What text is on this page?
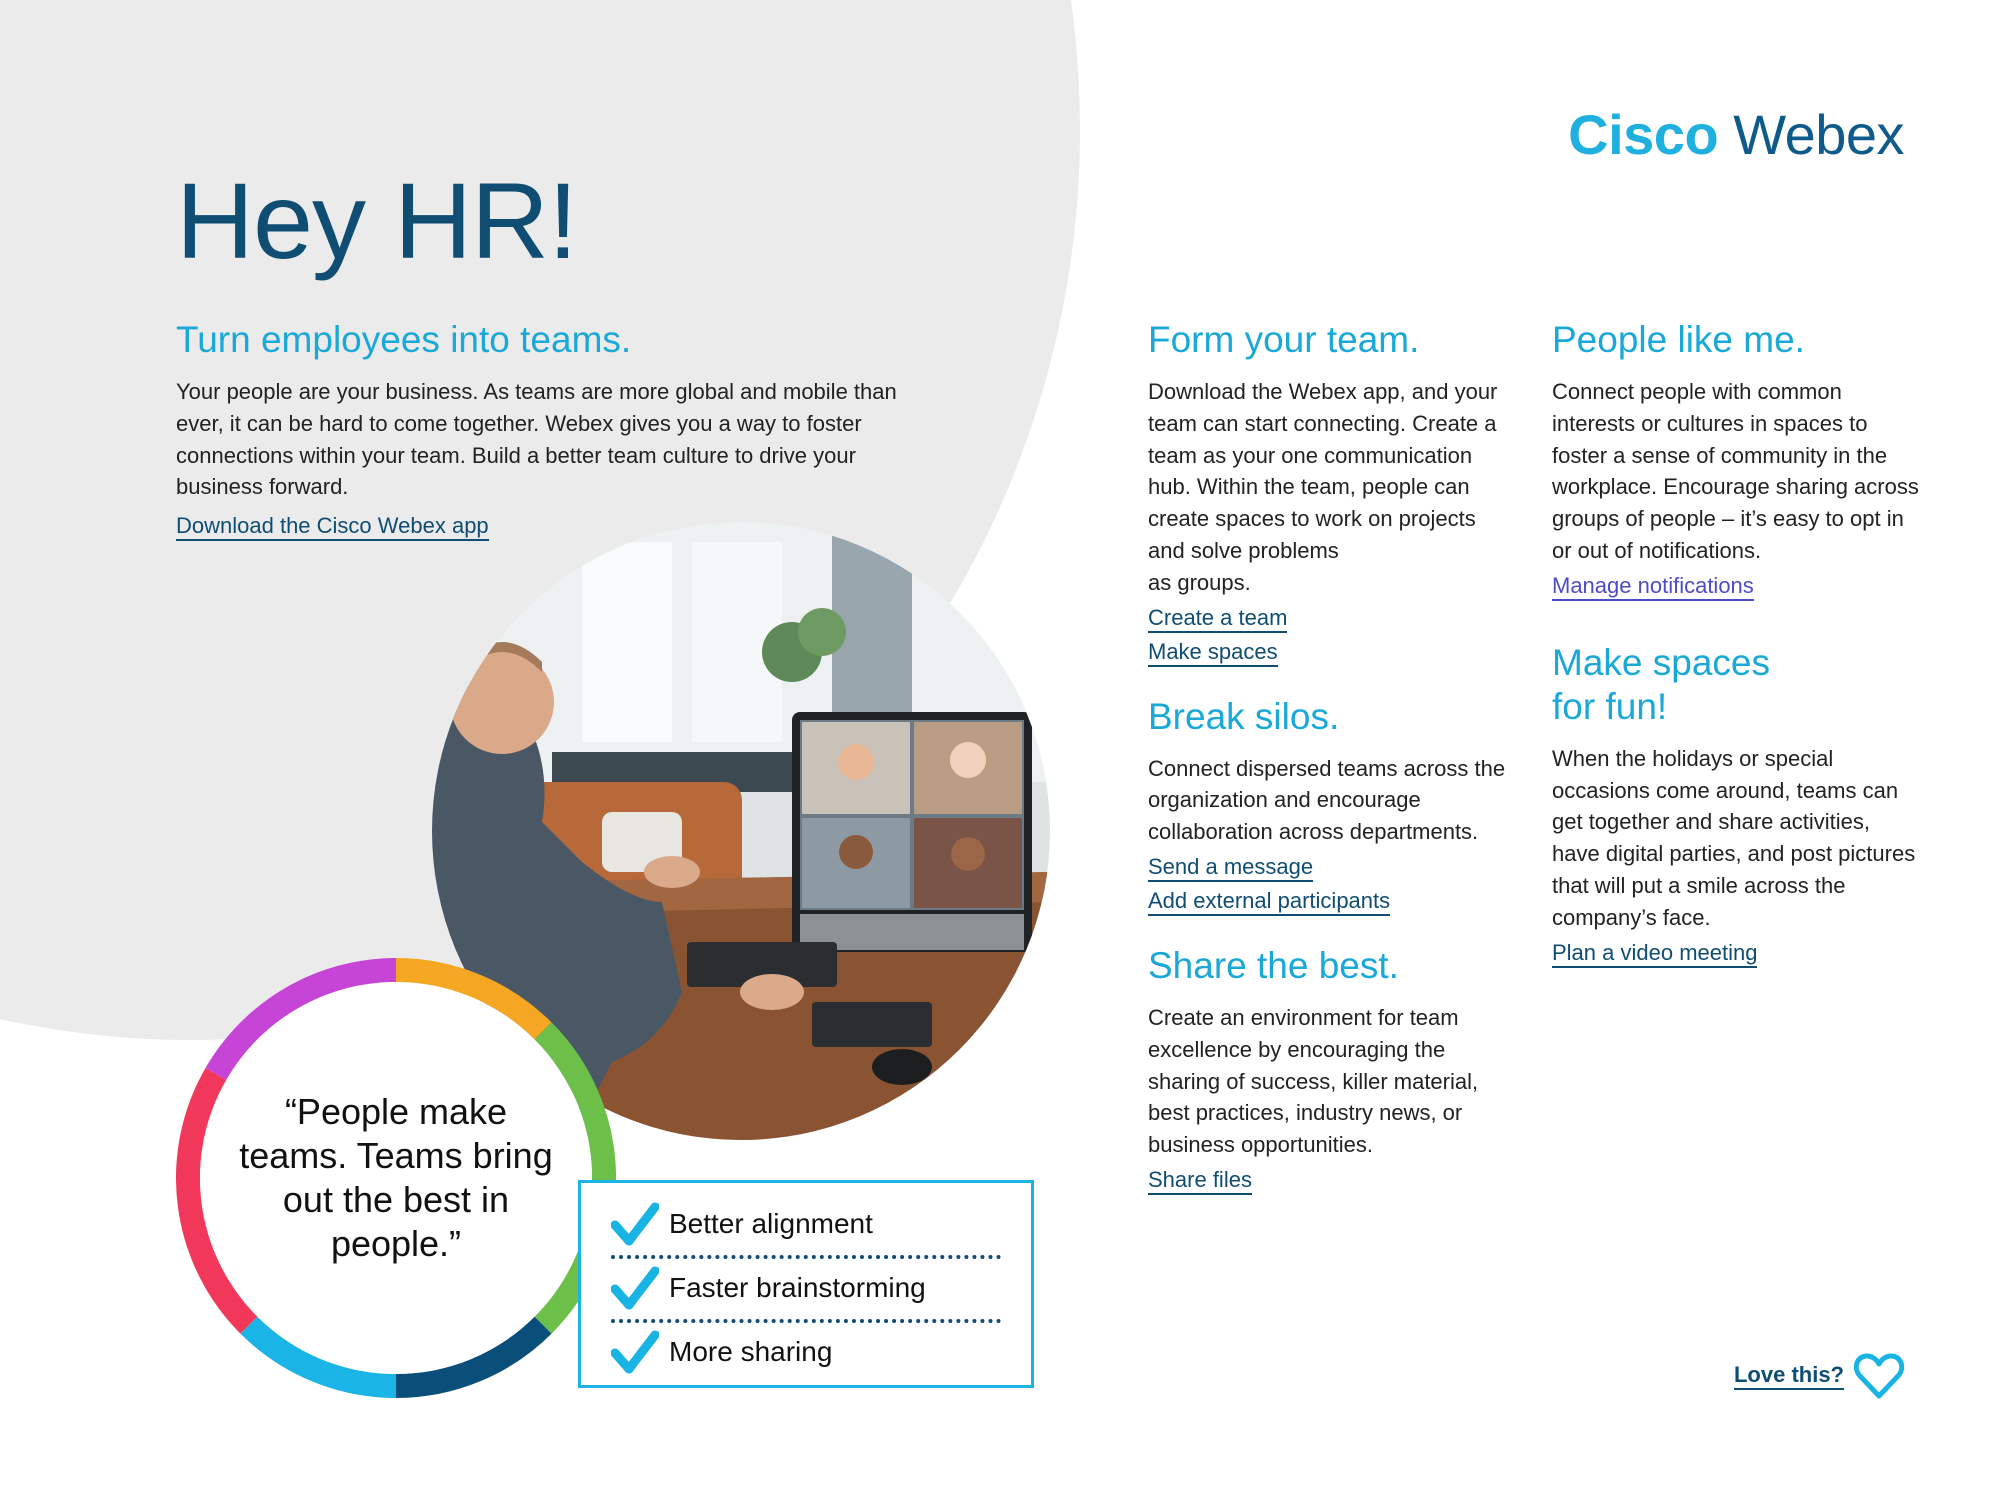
Cisco Webex
Hey HR!
Turn employees into teams.

Your people are your business. As teams are more global and mobile than ever, it can be hard to come together. Webex gives you a way to foster connections within your team. Build a better team culture to drive your business forward.

Download the Cisco Webex app
“People make teams. Teams bring out the best in people.”	Better alignment
Faster brainstorming
More sharing
Form your team.

Download the Webex app, and your team can start connecting. Create a team as your one communication hub. Within the team, people can create spaces to work on projects and solve problems

as groups.

Create a team
Make spaces
Break silos.

Connect dispersed teams across the organization and encourage collaboration across departments.

Send a message
Add external participants
Share the best.

Create an environment for team excellence by encouraging the sharing of success, killer material, best practices, industry news, or business opportunities.

Share files
People like me.

Connect people with common interests or cultures in spaces to foster a sense of community in the workplace. Encourage sharing across groups of people – it’s easy to opt in or out of notifications.

Manage notifications
Make spaces
for fun!

When the holidays or special occasions come around, teams can get together and share activities, have digital parties, and post pictures that will put a smile across the company’s face.

Plan a video meeting
Love this?
